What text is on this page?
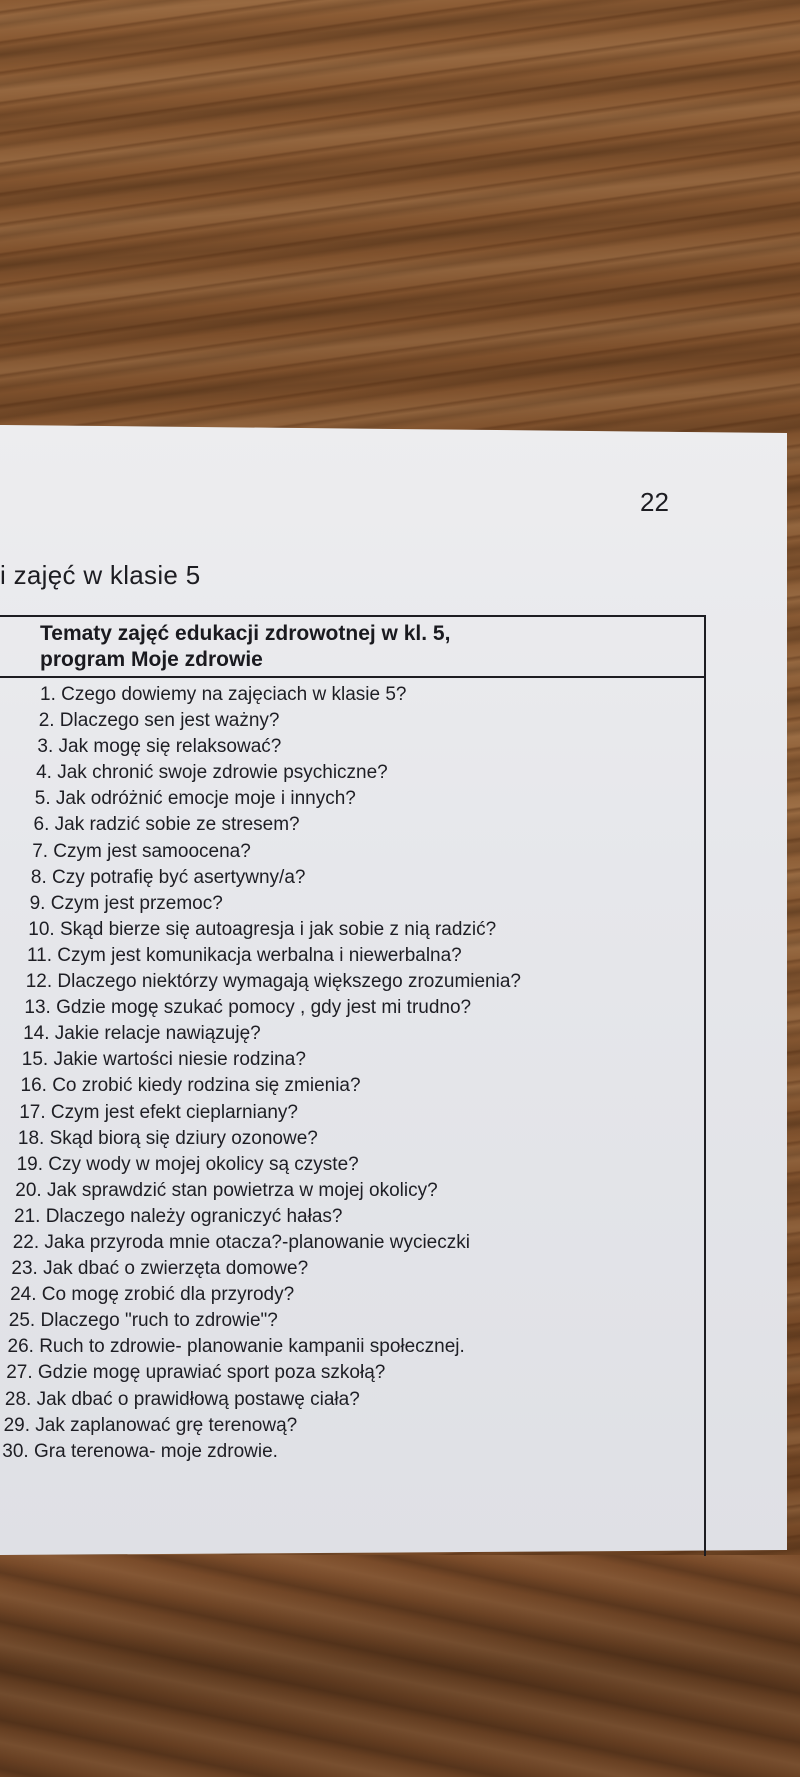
22
i zajęć w klasie 5
Tematy zajęć edukacji zdrowotnej w kl. 5,
program Moje zdrowie
1. Czego dowiemy na zajęciach w klasie 5?
2. Dlaczego sen jest ważny?
3. Jak mogę się relaksować?
4. Jak chronić swoje zdrowie psychiczne?
5. Jak odróżnić emocje moje i innych?
6. Jak radzić sobie ze stresem?
7. Czym jest samoocena?
8. Czy potrafię być asertywny/a?
9. Czym jest przemoc?
10. Skąd bierze się autoagresja i jak sobie z nią radzić?
11. Czym jest komunikacja werbalna i niewerbalna?
12. Dlaczego niektórzy wymagają większego zrozumienia?
13. Gdzie mogę szukać pomocy , gdy jest mi trudno?
14. Jakie relacje nawiązuję?
15. Jakie wartości niesie rodzina?
16. Co zrobić kiedy rodzina się zmienia?
17. Czym jest efekt cieplarniany?
18. Skąd biorą się dziury ozonowe?
19. Czy wody w mojej okolicy są czyste?
20. Jak sprawdzić stan powietrza w mojej okolicy?
21. Dlaczego należy ograniczyć hałas?
22. Jaka przyroda mnie otacza?-planowanie wycieczki
23. Jak dbać o zwierzęta domowe?
24. Co mogę zrobić dla przyrody?
25. Dlaczego "ruch to zdrowie"?
26. Ruch to zdrowie- planowanie kampanii społecznej.
27. Gdzie mogę uprawiać sport poza szkołą?
28. Jak dbać o prawidłową postawę ciała?
29. Jak zaplanować grę terenową?
30. Gra terenowa- moje zdrowie.
